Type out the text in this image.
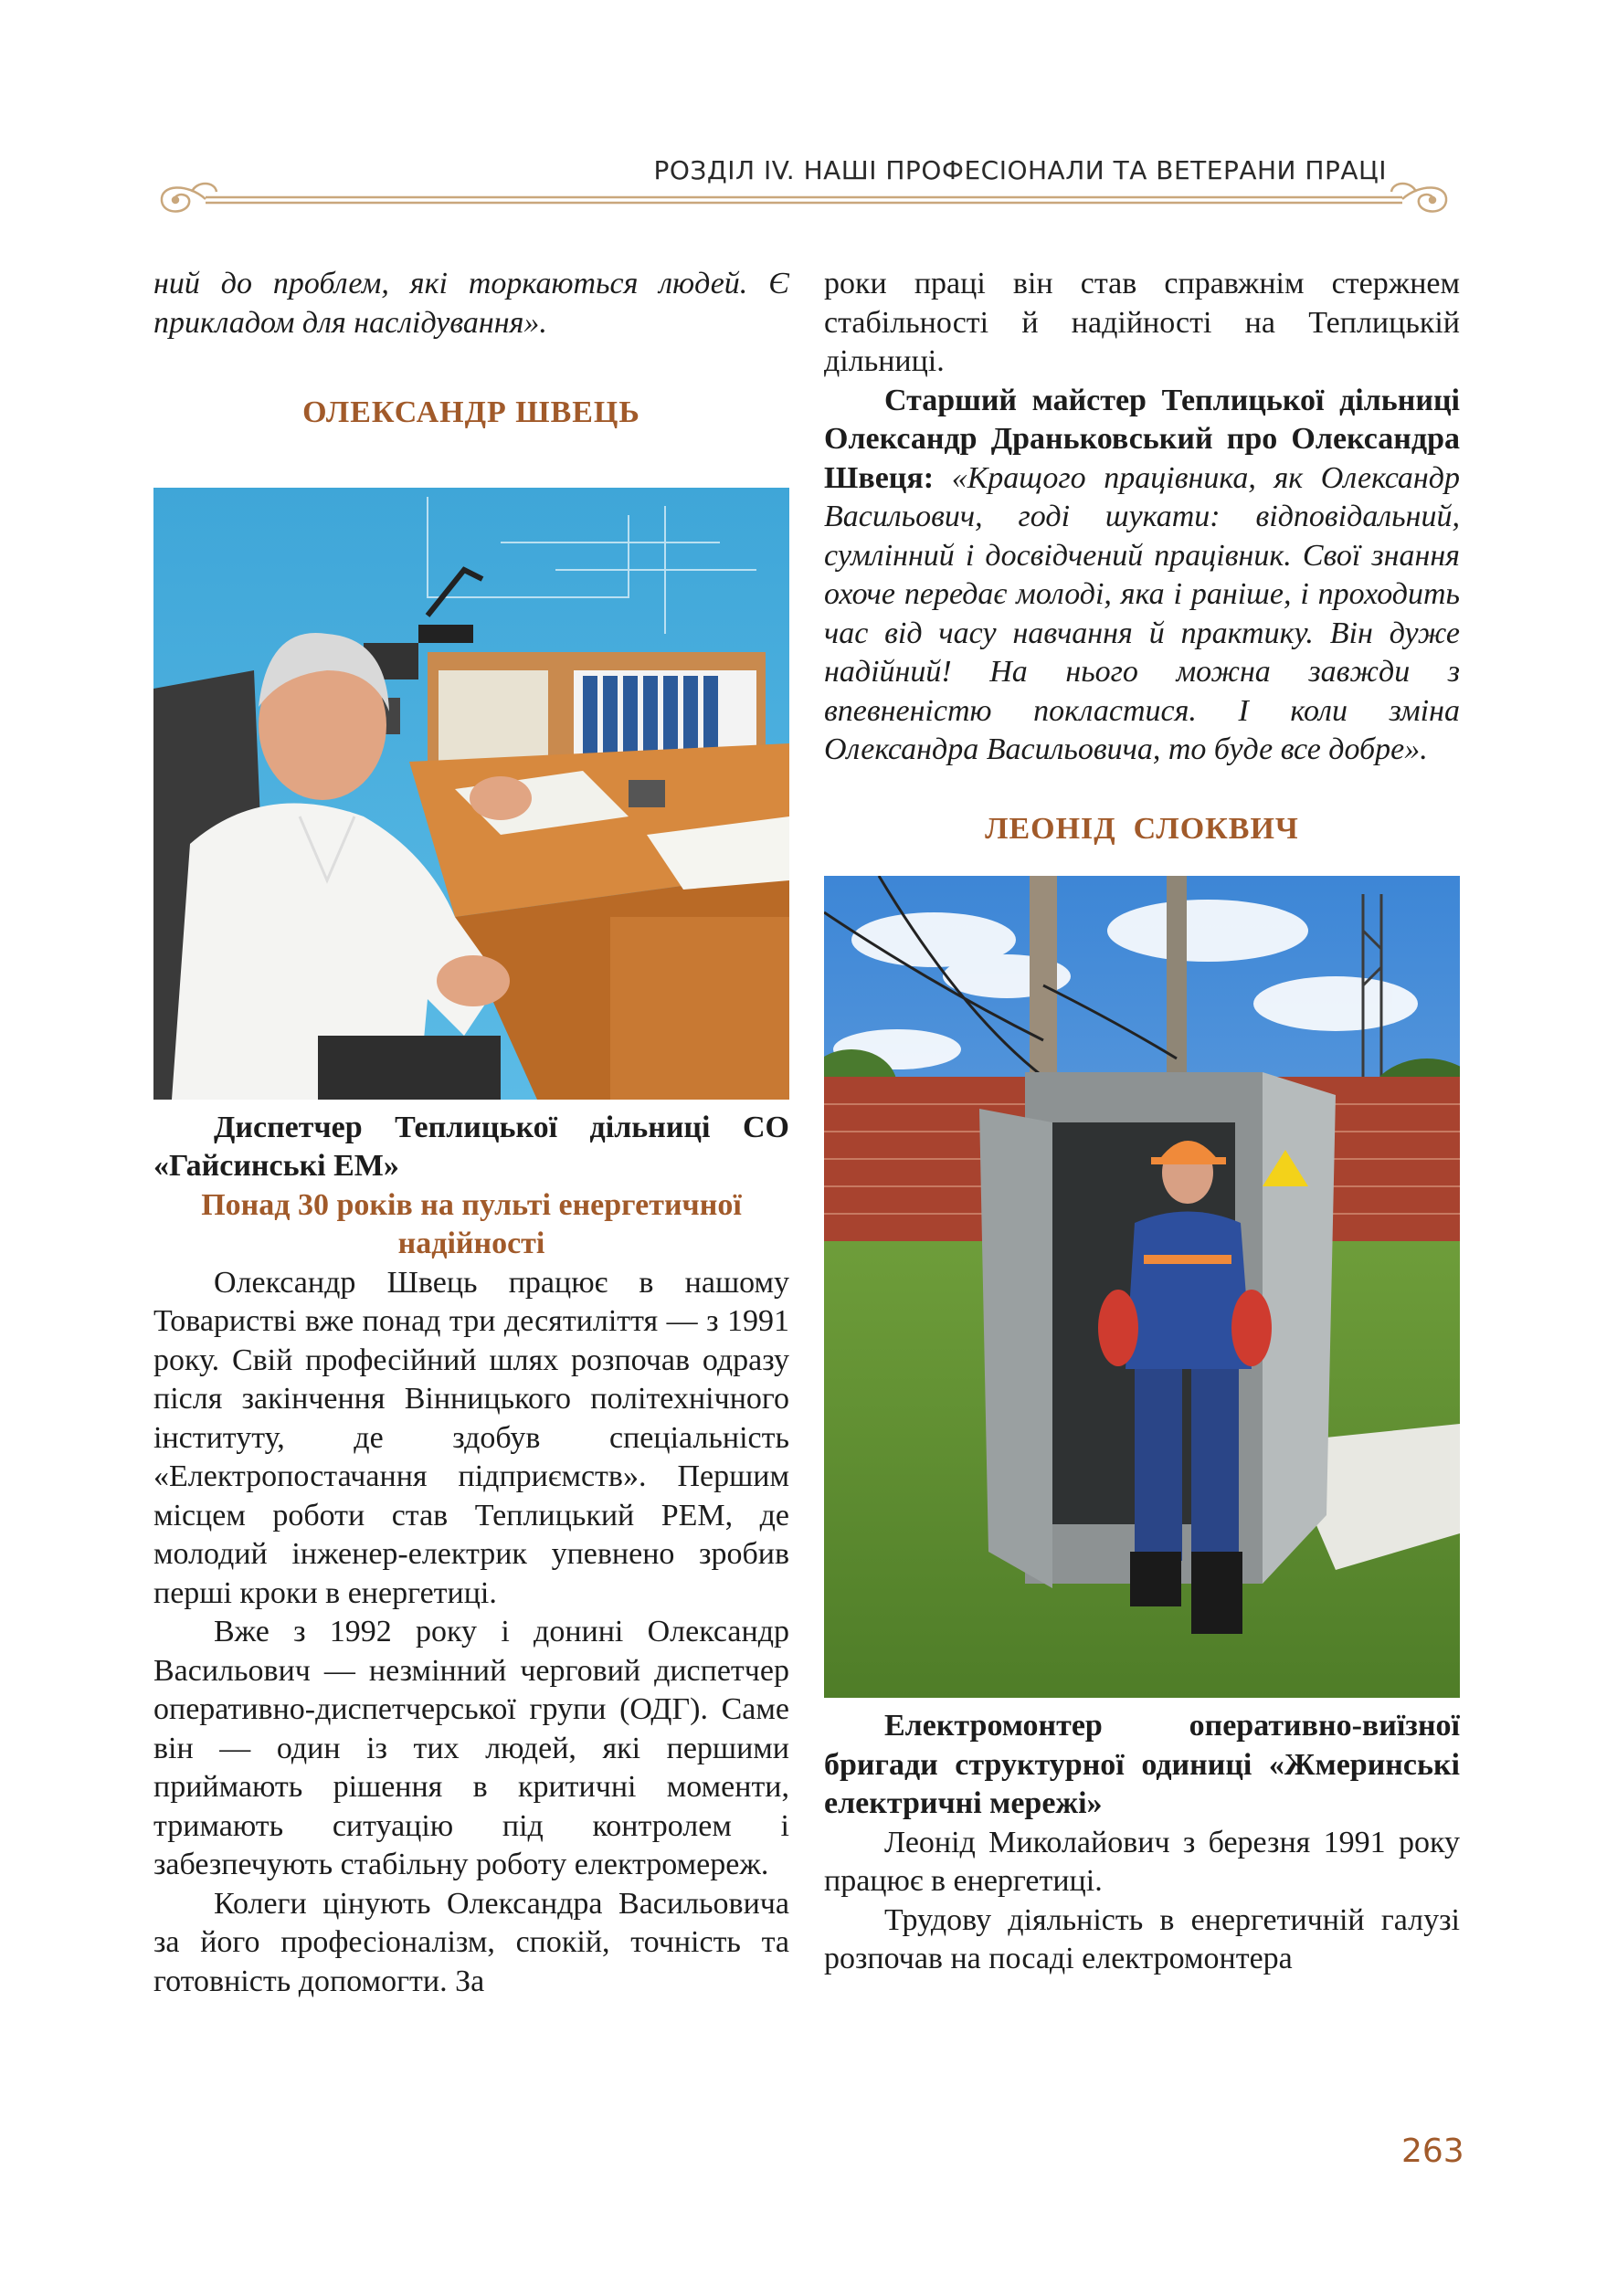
РОЗДІЛ IV. НАШІ ПРОФЕСІОНАЛИ ТА ВЕТЕРАНИ ПРАЦІ

ний до проблем, які торкаються людей. Є прикладом для наслідування».

ОЛЕКСАНДР ШВЕЦЬ

Диспетчер Теплицької дільниці СО «Гайсинські ЕМ»

Понад 30 років на пульті енергетичної надійності

Олександр Швець працює в нашому Товаристві вже понад три десятиліття — з 1991 року. Свій професійний шлях розпочав одразу після закінчення Вінницького політехнічного інституту, де здобув спеціальність «Електропостачання підприємств». Першим місцем роботи став Теплицький РЕМ, де молодий інженер-електрик упевнено зробив перші кроки в енергетиці.

Вже з 1992 року і донині Олександр Васильович — незмінний черговий диспетчер оперативно-диспетчерської групи (ОДГ). Саме він — один із тих людей, які першими приймають рішення в критичні моменти, тримають ситуацію під контролем і забезпечують стабільну роботу електромереж.

Колеги цінують Олександра Васильовича за його професіоналізм, спокій, точність та готовність допомогти. За

роки праці він став справжнім стержнем стабільності й надійності на Теплицькій дільниці.

Старший майстер Теплицької дільниці Олександр Драньковський про Олександра Швеця: «Кращого працівника, як Олександр Васильович, годі шукати: відповідальний, сумлінний і досвідчений працівник. Свої знання охоче передає молоді, яка і раніше, і проходить час від часу навчання й практику. Він дуже надійний! На нього можна завжди з впевненістю покластися. І коли зміна Олександра Васильовича, то буде все добре».

ЛЕОНІД  СЛОКВИЧ

Електромонтер оперативно-виїзної бригади структурної одиниці «Жмеринські електричні мережі»

Леонід Миколайович з березня 1991 року працює в енергетиці.

Трудову діяльність в енергетичній галузі розпочав на посаді електромонтера

263
